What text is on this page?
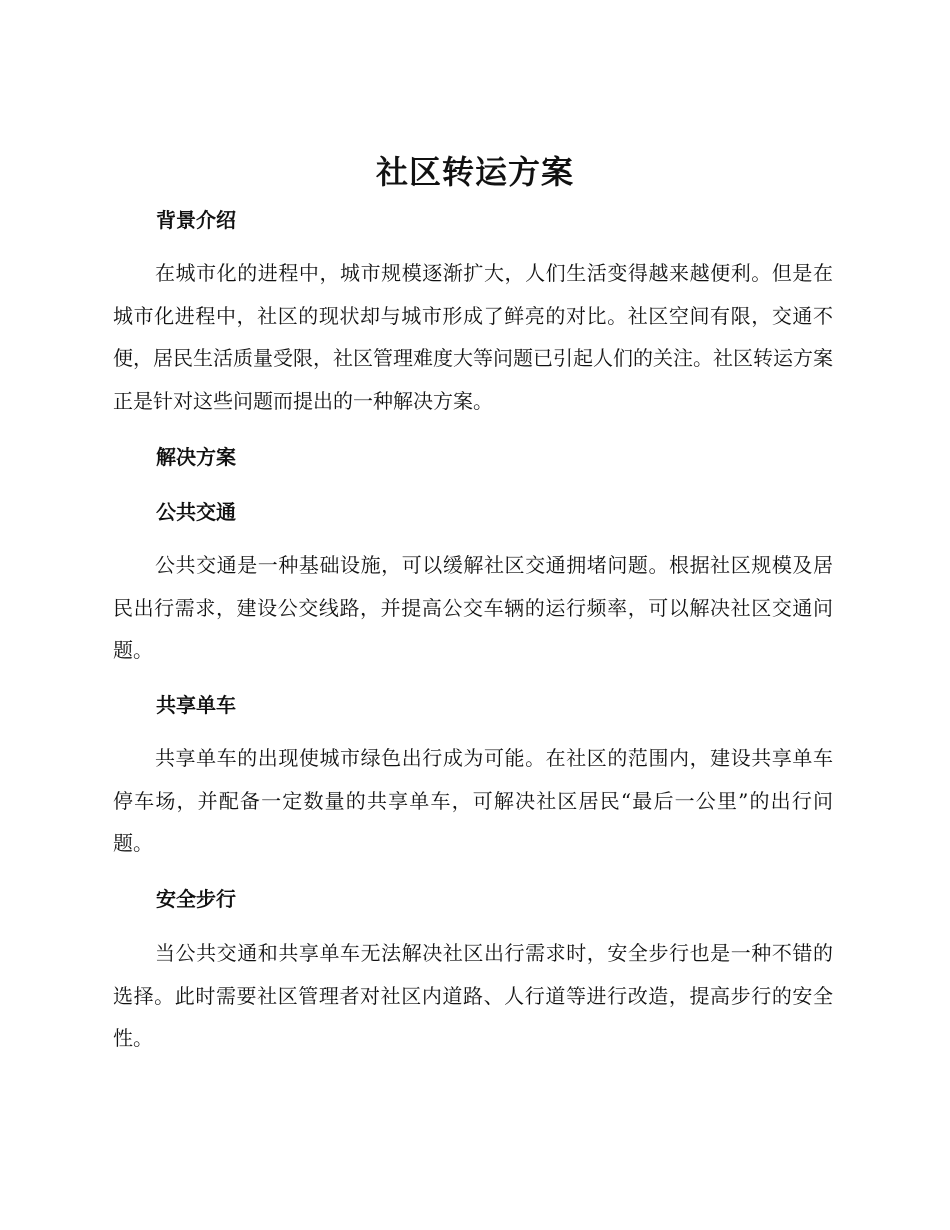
社区转运方案
背景介绍

在城市化的进程中，城市规模逐渐扩大，人们生活变得越来越便利。但是在城市化进程中，社区的现状却与城市形成了鲜亮的对比。社区空间有限，交通不便，居民生活质量受限，社区管理难度大等问题已引起人们的关注。社区转运方案正是针对这些问题而提出的一种解决方案。

解决方案
公共交通

公共交通是一种基础设施，可以缓解社区交通拥堵问题。根据社区规模及居民出行需求，建设公交线路，并提高公交车辆的运行频率，可以解决社区交通问题。

共享单车

共享单车的出现使城市绿色出行成为可能。在社区的范围内，建设共享单车停车场，并配备一定数量的共享单车，可解决社区居民“最后一公里”的出行问题。

安全步行

当公共交通和共享单车无法解决社区出行需求时，安全步行也是一种不错的选择。此时需要社区管理者对社区内道路、人行道等进行改造，提高步行的安全性。
